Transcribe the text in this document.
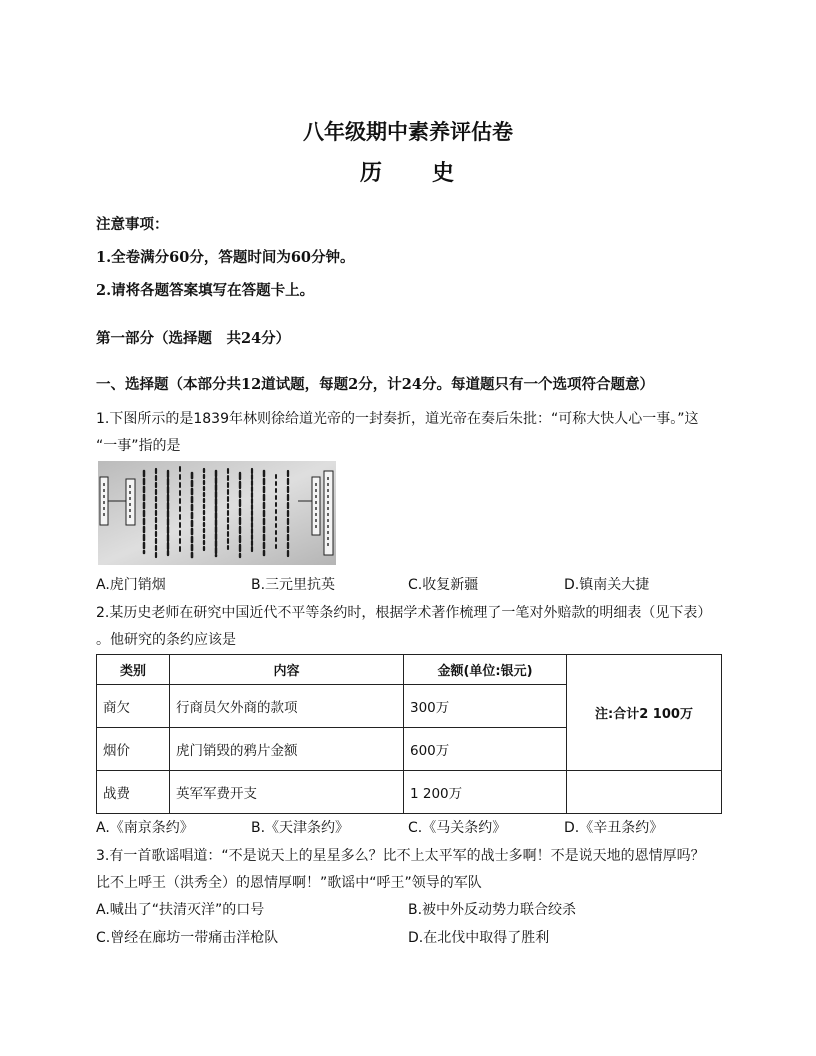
八年级期中素养评估卷
历　　史
注意事项：
1.全卷满分60分，答题时间为60分钟。
2.请将各题答案填写在答题卡上。
第一部分（选择题　共24分）
一、选择题（本部分共12道试题，每题2分，计24分。每道题只有一个选项符合题意）
1.下图所示的是1839年林则徐给道光帝的一封奏折，道光帝在奏后朱批：“可称大快人心一事。”这
“一事”指的是
A.虎门销烟	B.三元里抗英	C.收复新疆	D.镇南关大捷
2.某历史老师在研究中国近代不平等条约时，根据学术著作梳理了一笔对外赔款的明细表（见下表）
。他研究的条约应该是
类别	内容	金额(单位:银元)	注:合计2 100万
商欠	行商员欠外商的款项	300万	
烟价	虎门销毁的鸦片金额	600万	
战费	英军军费开支	1 200万	
A.《南京条约》	B.《天津条约》	C.《马关条约》	D.《辛丑条约》
3.有一首歌谣唱道：“不是说天上的星星多么？比不上太平军的战士多啊！不是说天地的恩情厚吗？
比不上呼王（洪秀全）的恩情厚啊！”歌谣中“呼王”领导的军队
A.喊出了“扶清灭洋”的口号	B.被中外反动势力联合绞杀
C.曾经在廊坊一带痛击洋枪队	D.在北伐中取得了胜利
